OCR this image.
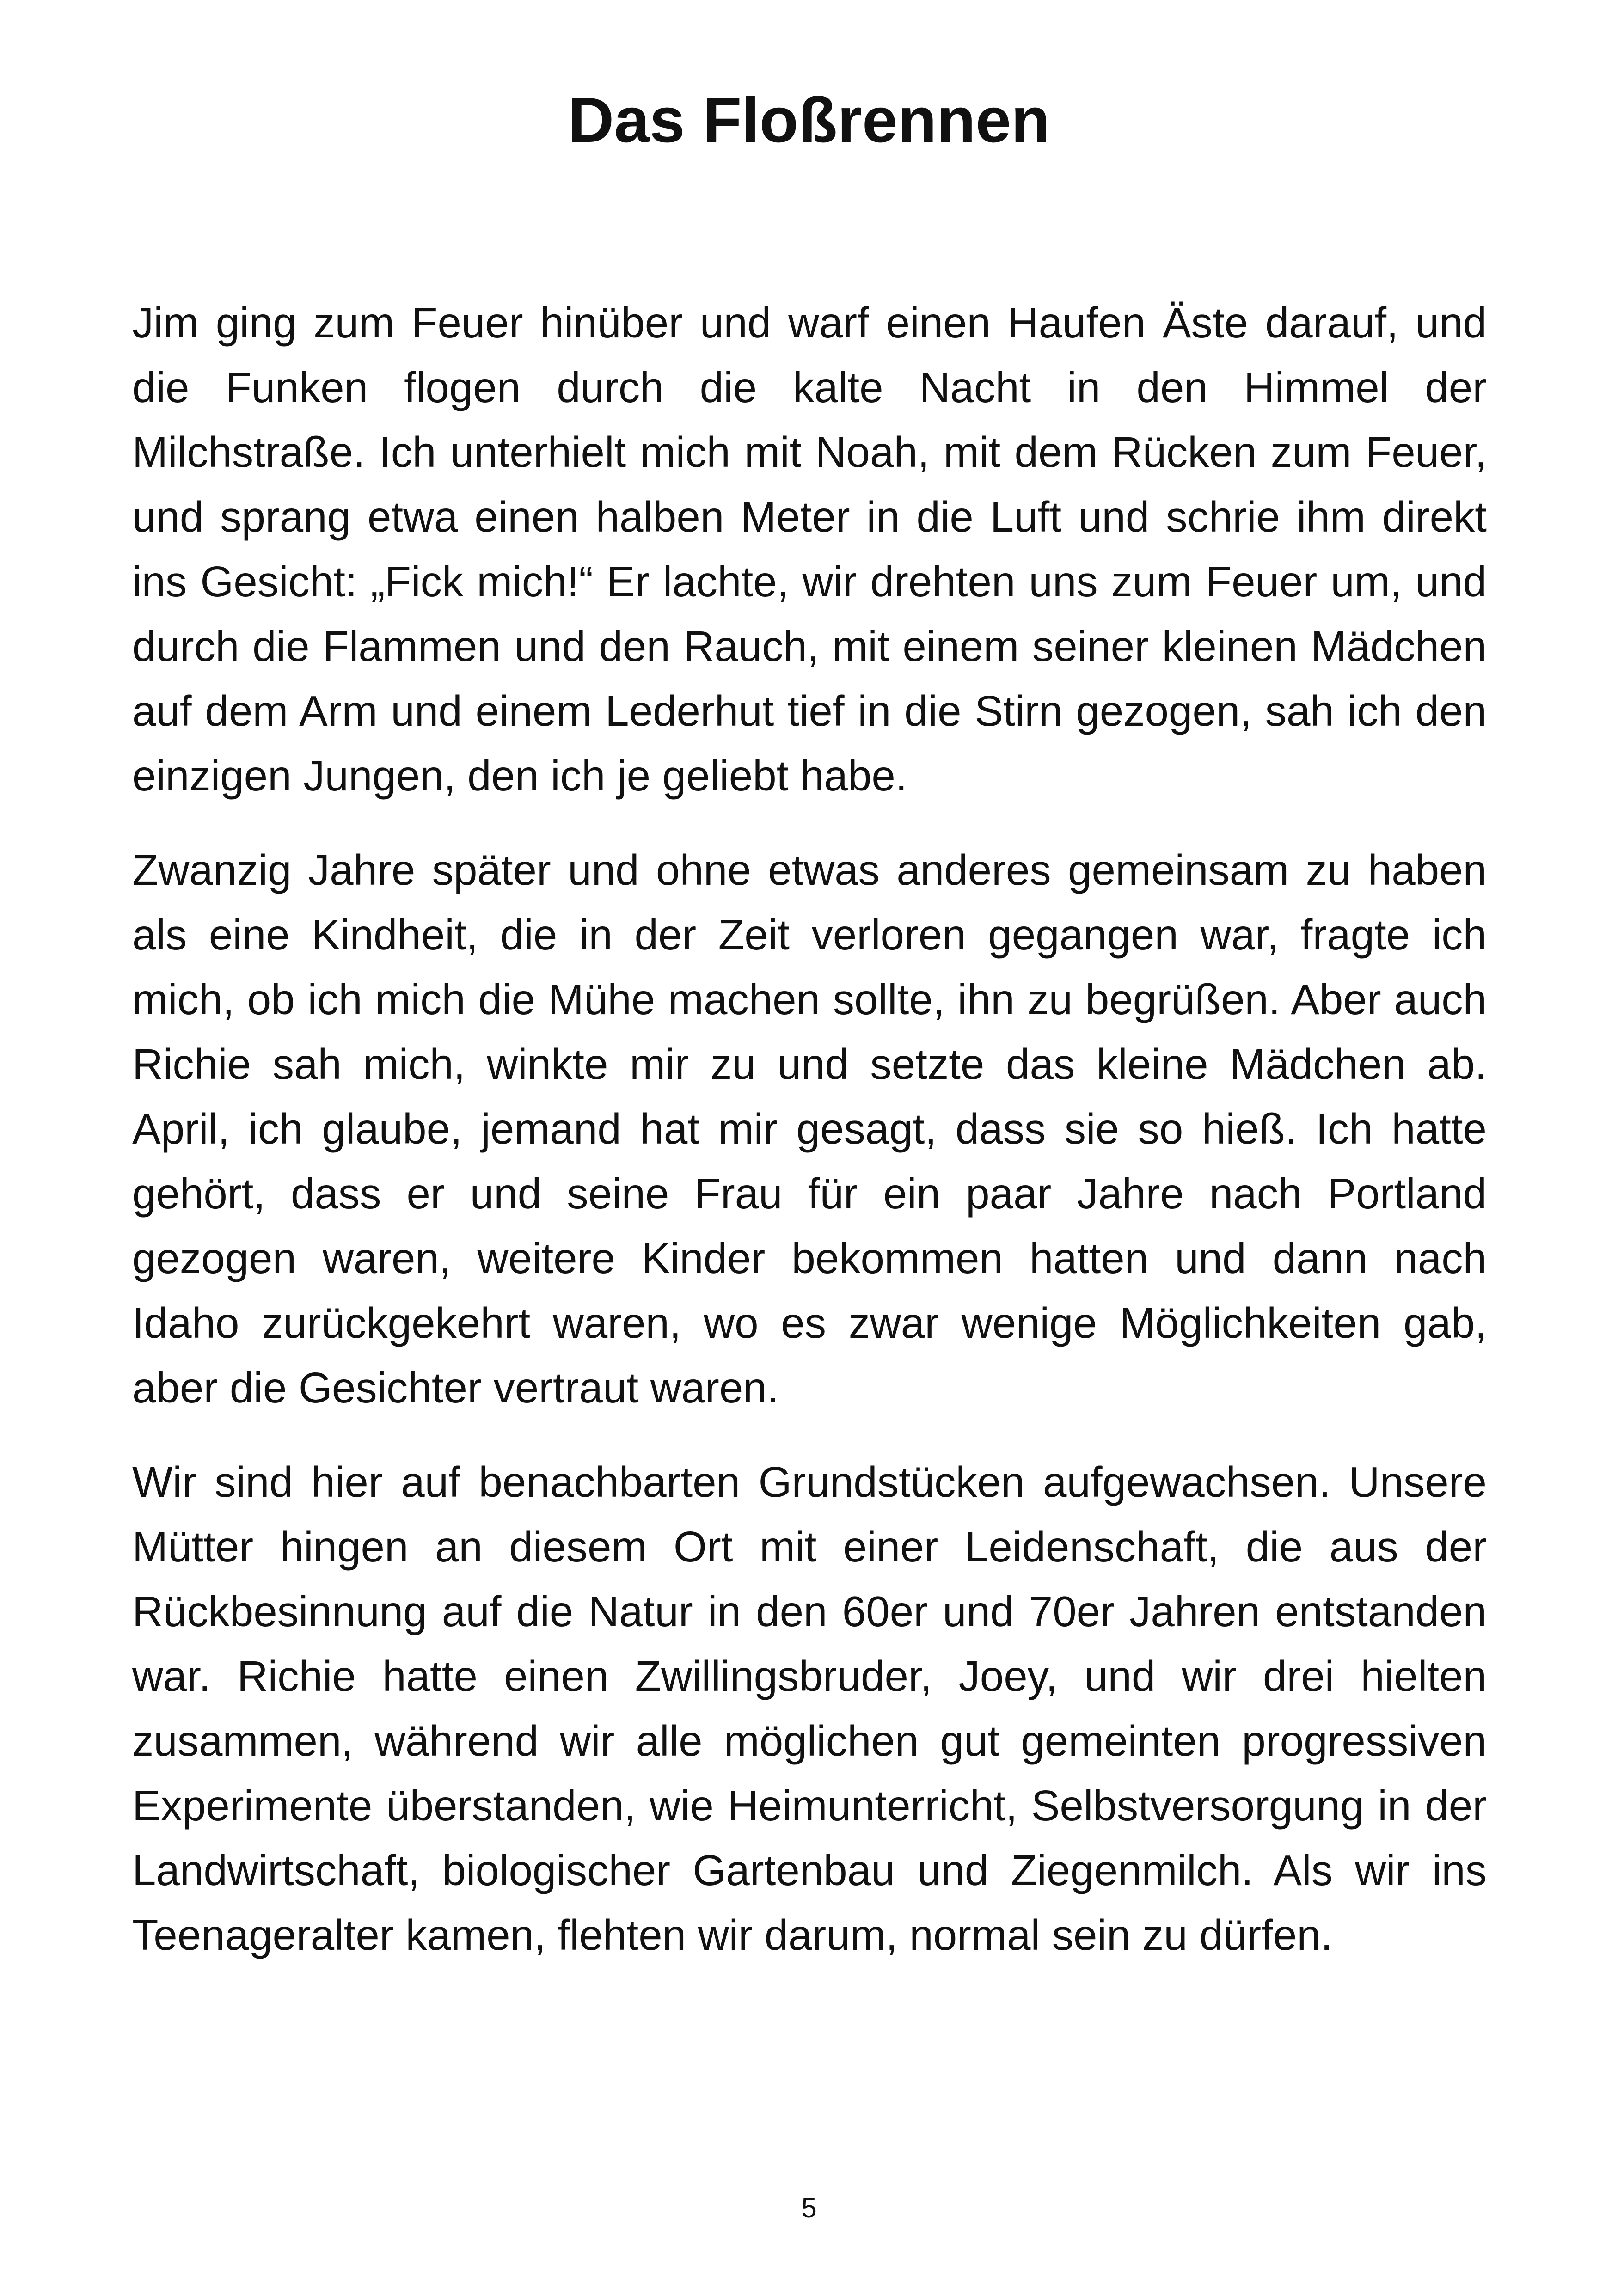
Das Floßrennen

Jim ging zum Feuer hinüber und warf einen Haufen Äste darauf, und die Funken flogen durch die kalte Nacht in den Himmel der Milchstraße. Ich unterhielt mich mit Noah, mit dem Rücken zum Feuer, und sprang etwa einen halben Meter in die Luft und schrie ihm direkt ins Gesicht: „Fick mich!“ Er lachte, wir drehten uns zum Feuer um, und durch die Flammen und den Rauch, mit einem seiner kleinen Mädchen auf dem Arm und einem Lederhut tief in die Stirn gezogen, sah ich den einzigen Jungen, den ich je geliebt habe.

Zwanzig Jahre später und ohne etwas anderes gemeinsam zu haben als eine Kindheit, die in der Zeit verloren gegangen war, fragte ich mich, ob ich mich die Mühe machen sollte, ihn zu begrüßen. Aber auch Richie sah mich, winkte mir zu und setzte das kleine Mädchen ab. April, ich glaube, jemand hat mir gesagt, dass sie so hieß. Ich hatte gehört, dass er und seine Frau für ein paar Jahre nach Portland gezogen waren, weitere Kinder bekommen hatten und dann nach Idaho zurückgekehrt waren, wo es zwar wenige Möglichkeiten gab, aber die Gesichter vertraut waren.

Wir sind hier auf benachbarten Grundstücken aufgewachsen. Unsere Mütter hingen an diesem Ort mit einer Leidenschaft, die aus der Rückbesinnung auf die Natur in den 60er und 70er Jahren entstanden war. Richie hatte einen Zwillingsbruder, Joey, und wir drei hielten zusammen, während wir alle möglichen gut gemeinten progressiven Experimente überstanden, wie Heimunterricht, Selbstversorgung in der Landwirtschaft, biologischer Gartenbau und Ziegenmilch. Als wir ins Teenageralter kamen, flehten wir darum, normal sein zu dürfen.

5
